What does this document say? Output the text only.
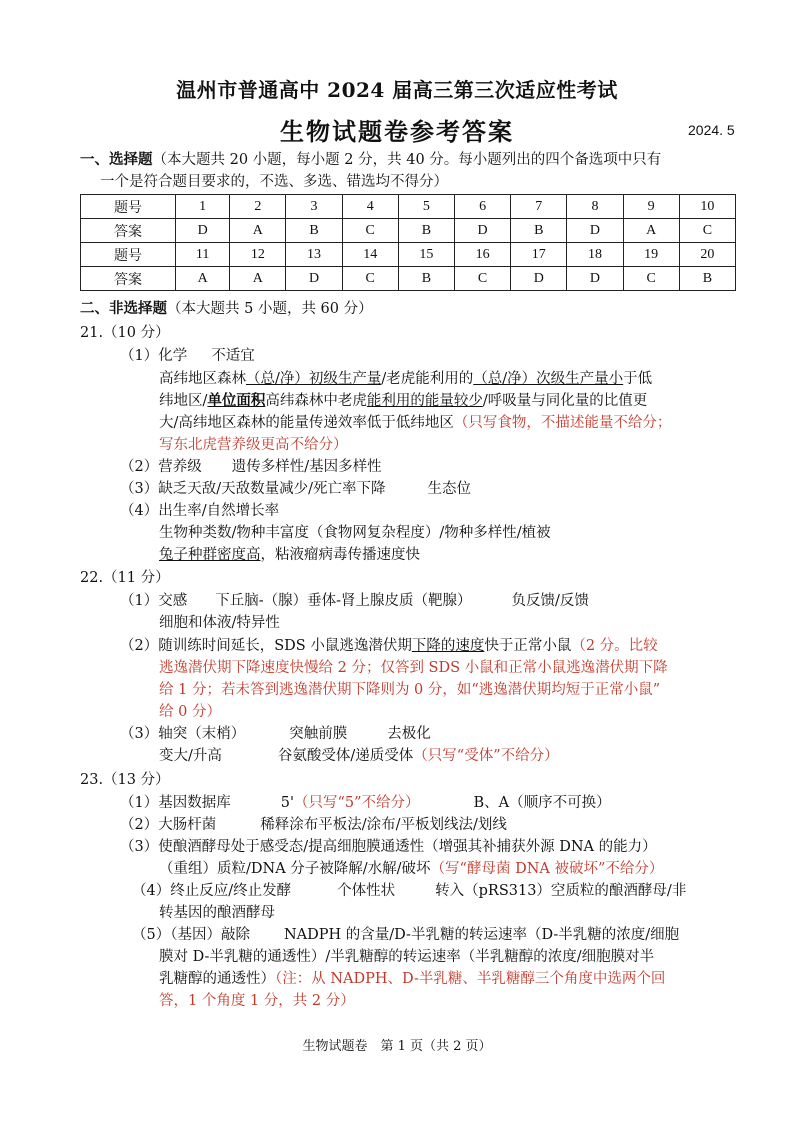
温州市普通高中 2024 届高三第三次适应性考试
生物试题卷参考答案	2024. 5
一、选择题（本大题共 20 小题，每小题 2 分，共 40 分。每小题列出的四个备选项中只有
一个是符合题目要求的，不选、多选、错选均不得分）
题号	1	2	3	4	5	6	7	8	9	10
答案	D	A	B	C	B	D	B	D	A	C
题号	11	12	13	14	15	16	17	18	19	20
答案	A	A	D	C	B	C	D	D	C	B
二、非选择题（本大题共 5 小题，共 60 分）
21.（10 分）
（1）化学 不适宜
高纬地区森林（总/净）初级生产量/老虎能利用的（总/净）次级生产量小于低
纬地区/单位面积高纬森林中老虎能利用的能量较少/呼吸量与同化量的比值更
大/高纬地区森林的能量传递效率低于低纬地区（只写食物，不描述能量不给分；
写东北虎营养级更高不给分）
（2）营养级 遗传多样性/基因多样性
（3）缺乏天敌/天敌数量减少/死亡率下降	生态位
（4）出生率/自然增长率
生物种类数/物种丰富度（食物网复杂程度）/物种多样性/植被
兔子种群密度高，粘液瘤病毒传播速度快
22.（11 分）
（1）交感 下丘脑-（腺）垂体-肾上腺皮质（靶腺）	负反馈/反馈
细胞和体液/特异性
（2）随训练时间延长，SDS 小鼠逃逸潜伏期下降的速度快于正常小鼠（2 分。比较
逃逸潜伏期下降速度快慢给 2 分；仅答到 SDS 小鼠和正常小鼠逃逸潜伏期下降
给 1 分；若未答到逃逸潜伏期下降则为 0 分，如“逃逸潜伏期均短于正常小鼠”
给 0 分）
（3）轴突（末梢）	突触前膜	去极化
变大/升高	谷氨酸受体/递质受体（只写“受体”不给分）
23.（13 分）
（1）基因数据库	5'（只写“5”不给分）	B、A（顺序不可换）
（2）大肠杆菌	稀释涂布平板法/涂布/平板划线法/划线
（3）使酿酒酵母处于感受态/提高细胞膜通透性（增强其补捕获外源 DNA 的能力）
（重组）质粒/DNA 分子被降解/水解/破坏（写“酵母菌 DNA 被破坏”不给分）
（4）终止反应/终止发酵	个体性状	转入（pRS313）空质粒的酿酒酵母/非
转基因的酿酒酵母
（5）（基因）敲除 NADPH 的含量/D-半乳糖的转运速率（D-半乳糖的浓度/细胞
膜对 D-半乳糖的通透性）/半乳糖醇的转运速率（半乳糖醇的浓度/细胞膜对半
乳糖醇的通透性）（注：从 NADPH、D-半乳糖、半乳糖醇三个角度中选两个回
答，1 个角度 1 分，共 2 分）
生物试题卷　第 1 页（共 2 页）
